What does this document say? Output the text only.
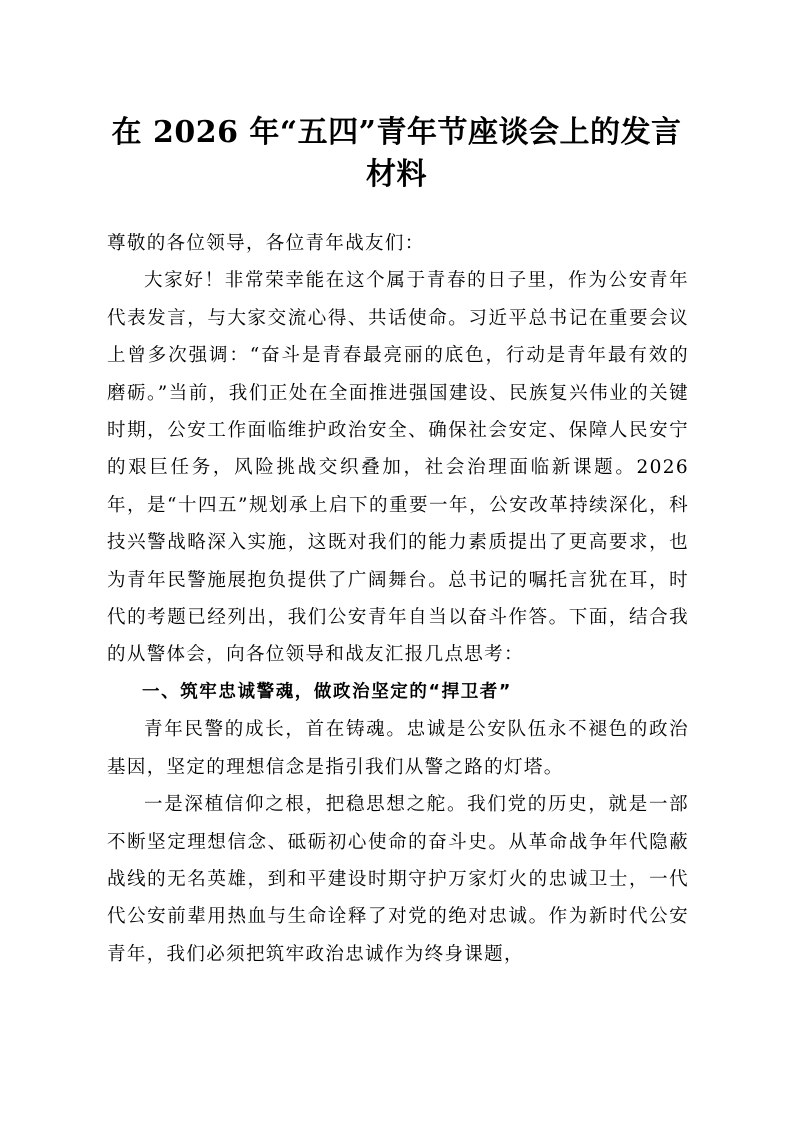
在 2026 年“五四”青年节座谈会上的发言
材料

尊敬的各位领导，各位青年战友们：

大家好！非常荣幸能在这个属于青春的日子里，作为公安青年代表发言，与大家交流心得、共话使命。习近平总书记在重要会议上曾多次强调：“奋斗是青春最亮丽的底色，行动是青年最有效的磨砺。”当前，我们正处在全面推进强国建设、民族复兴伟业的关键时期，公安工作面临维护政治安全、确保社会安定、保障人民安宁的艰巨任务，风险挑战交织叠加，社会治理面临新课题。2026 年，是“十四五”规划承上启下的重要一年，公安改革持续深化，科技兴警战略深入实施，这既对我们的能力素质提出了更高要求，也为青年民警施展抱负提供了广阔舞台。总书记的嘱托言犹在耳，时代的考题已经列出，我们公安青年自当以奋斗作答。下面，结合我的从警体会，向各位领导和战友汇报几点思考：

一、筑牢忠诚警魂，做政治坚定的“捍卫者”

青年民警的成长，首在铸魂。忠诚是公安队伍永不褪色的政治基因，坚定的理想信念是指引我们从警之路的灯塔。

一是深植信仰之根，把稳思想之舵。我们党的历史，就是一部不断坚定理想信念、砥砺初心使命的奋斗史。从革命战争年代隐蔽战线的无名英雄，到和平建设时期守护万家灯火的忠诚卫士，一代代公安前辈用热血与生命诠释了对党的绝对忠诚。作为新时代公安青年，我们必须把筑牢政治忠诚作为终身课题，
